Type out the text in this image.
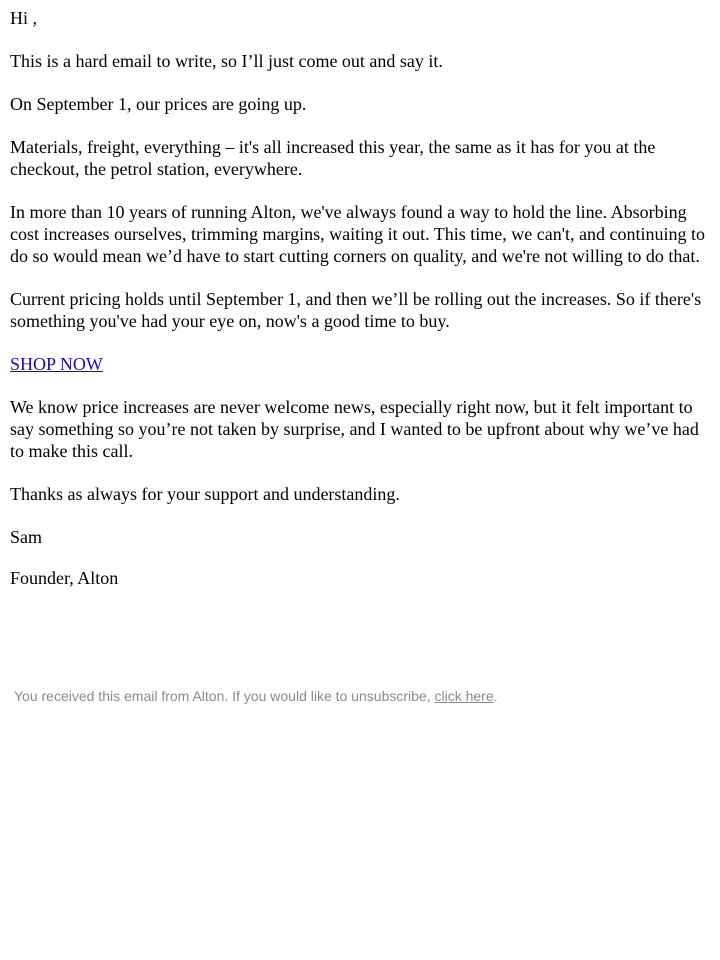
Hi ,

This is a hard email to write, so I’ll just come out and say it.

On September 1, our prices are going up.

Materials, freight, everything – it's all increased this year, the same as it has for you at the checkout, the petrol station, everywhere.

In more than 10 years of running Alton, we've always found a way to hold the line. Absorbing cost increases ourselves, trimming margins, waiting it out. This time, we can't, and continuing to do so would mean we’d have to start cutting corners on quality, and we're not willing to do that.

Current pricing holds until September 1, and then we’ll be rolling out the increases. So if there's something you've had your eye on, now's a good time to buy.

SHOP NOW

We know price increases are never welcome news, especially right now, but it felt important to say something so you’re not taken by surprise, and I wanted to be upfront about why we’ve had to make this call.

Thanks as always for your support and understanding.

Sam

Founder, Alton

You received this email from Alton. If you would like to unsubscribe, click here.
